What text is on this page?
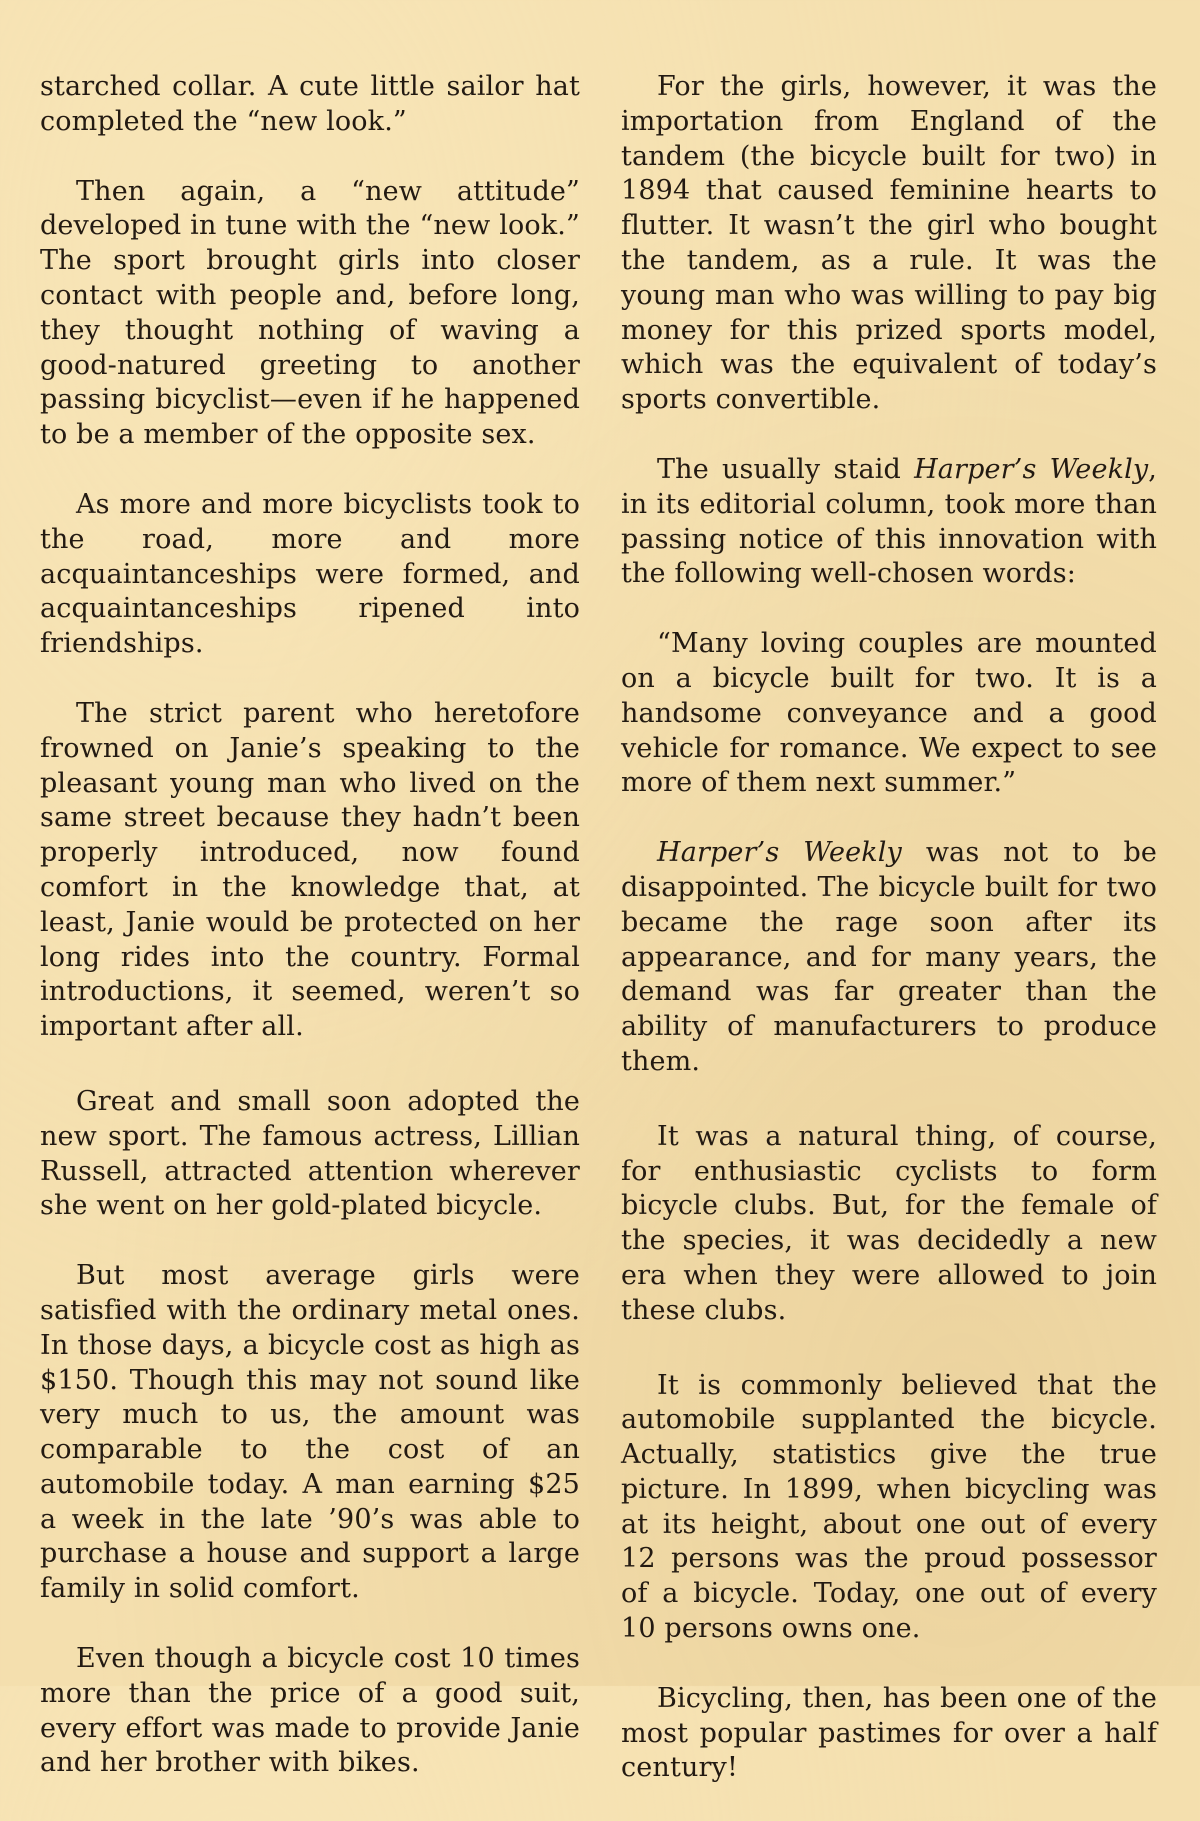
starched collar. A cute little sailor hat completed the “new look.”

Then again, a “new attitude” developed in tune with the “new look.” The sport brought girls into closer contact with people and, before long, they thought nothing of waving a good-natured greeting to another passing bicyclist—even if he happened to be a member of the opposite sex.

As more and more bicyclists took to the road, more and more acquaintanceships were formed, and acquaintanceships ripened into friendships.

The strict parent who heretofore frowned on Janie’s speaking to the pleasant young man who lived on the same street because they hadn’t been properly introduced, now found comfort in the knowledge that, at least, Janie would be protected on her long rides into the country. Formal introductions, it seemed, weren’t so important after all.

Great and small soon adopted the new sport. The famous actress, Lillian Russell, attracted attention wherever she went on her gold-plated bicycle.

But most average girls were satisfied with the ordinary metal ones. In those days, a bicycle cost as high as $150. Though this may not sound like very much to us, the amount was comparable to the cost of an automobile today. A man earning $25 a week in the late ’90’s was able to purchase a house and support a large family in solid comfort.

Even though a bicycle cost 10 times more than the price of a good suit, every effort was made to provide Janie and her brother with bikes.

For the girls, however, it was the importation from England of the tandem (the bicycle built for two) in 1894 that caused feminine hearts to flutter. It wasn’t the girl who bought the tandem, as a rule. It was the young man who was willing to pay big money for this prized sports model, which was the equivalent of today’s sports convertible.

The usually staid Harper’s Weekly, in its editorial column, took more than passing notice of this innovation with the following well-chosen words:

“Many loving couples are mounted on a bicycle built for two. It is a handsome conveyance and a good vehicle for romance. We expect to see more of them next summer.”

Harper’s Weekly was not to be disappointed. The bicycle built for two became the rage soon after its appearance, and for many years, the demand was far greater than the ability of manufacturers to produce them.

It was a natural thing, of course, for enthusiastic cyclists to form bicycle clubs. But, for the female of the species, it was decidedly a new era when they were allowed to join these clubs.

It is commonly believed that the automobile supplanted the bicycle. Actually, statistics give the true picture. In 1899, when bicycling was at its height, about one out of every 12 persons was the proud possessor of a bicycle. Today, one out of every 10 persons owns one.

Bicycling, then, has been one of the most popular pastimes for over a half century!
